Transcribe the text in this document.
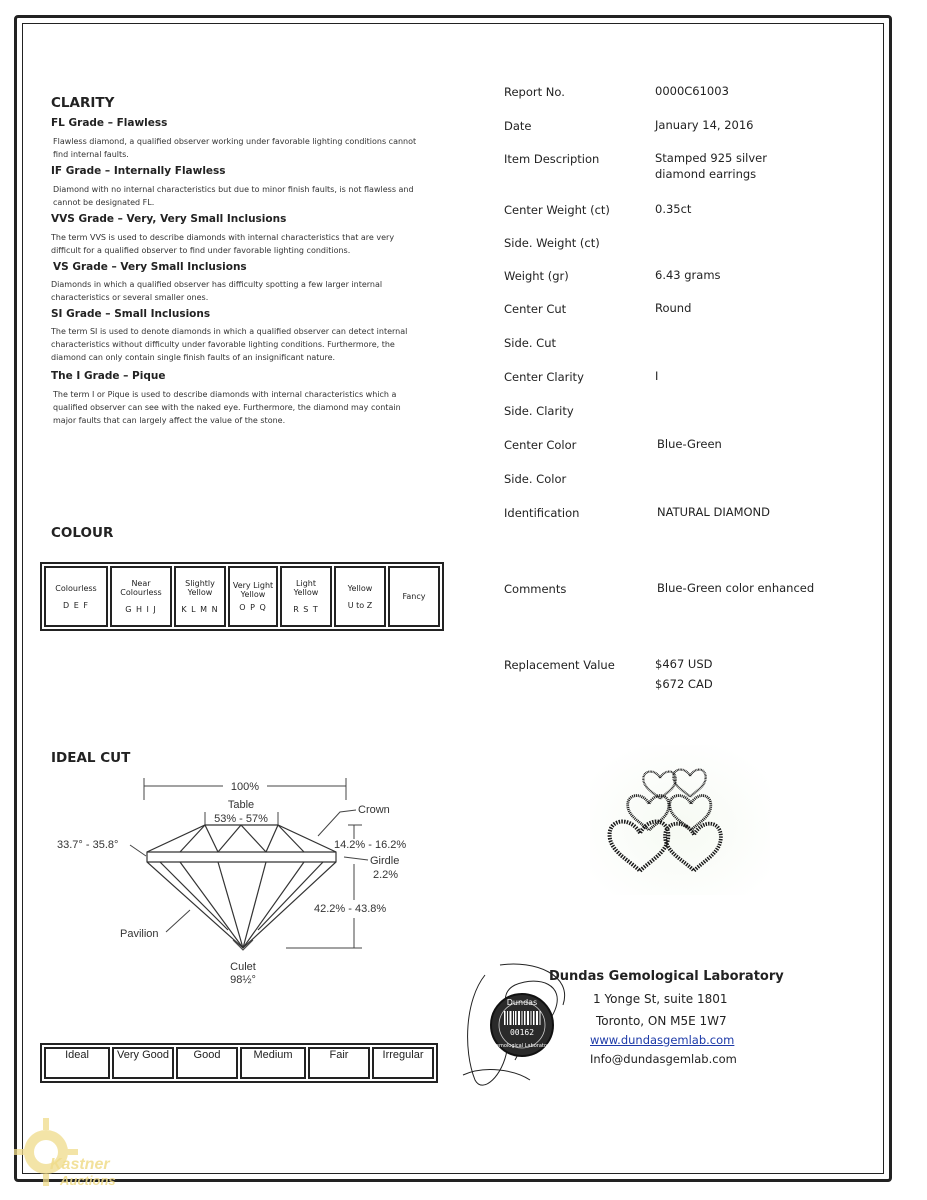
CLARITY
FL Grade – Flawless
Flawless diamond, a qualified observer working under favorable lighting conditions cannot find internal faults.
IF Grade – Internally Flawless
Diamond with no internal characteristics but due to minor finish faults, is not flawless and cannot be designated FL.
VVS Grade – Very, Very Small Inclusions
The term VVS is used to describe diamonds with internal characteristics that are very difficult for a qualified observer to find under favorable lighting conditions.
VS Grade – Very Small Inclusions
Diamonds in which a qualified observer has difficulty spotting a few larger internal characteristics or several smaller ones.
SI Grade – Small Inclusions
The term SI is used to denote diamonds in which a qualified observer can detect internal characteristics without difficulty under favorable lighting conditions. Furthermore, the diamond can only contain single finish faults of an insignificant nature.
The I Grade – Pique
The term I or Pique is used to describe diamonds with internal characteristics which a qualified observer can see with the naked eye. Furthermore, the diamond may contain major faults that can largely affect the value of the stone.
COLOUR
Colourless
D E F

Near Colourless
G H I J

Slightly Yellow
K L M N

Very Light Yellow
O P Q

Light Yellow
R S T

Yellow
U to Z

Fancy
IDEAL CUT
100%
Table
53% - 57%
Crown
33.7° - 35.8°	14.2% - 16.2%
Girdle
2.2%
42.2% - 43.8%
Pavilion
Culet
98½°
Ideal	Very Good	Good	Medium	Fair	Irregular
Report No.	0000C61003
Date	January 14, 2016
Item Description	Stamped 925 silver diamond earrings
Center Weight (ct)	0.35ct
Side. Weight (ct)
Weight (gr)	6.43 grams
Center Cut	Round
Side. Cut
Center Clarity	I
Side. Clarity
Center Color	Blue-Green
Side. Color
Identification	NATURAL DIAMOND
Comments	Blue-Green color enhanced
Replacement Value	$467 USD
$672 CAD
Dundas Gemological Laboratory
1 Yonge St, suite 1801
Toronto, ON M5E 1W7
www.dundasgemlab.com
Info@dundasgemlab.com
Dundas
00162
Gemological Laboratory
Kastner
Auctions
